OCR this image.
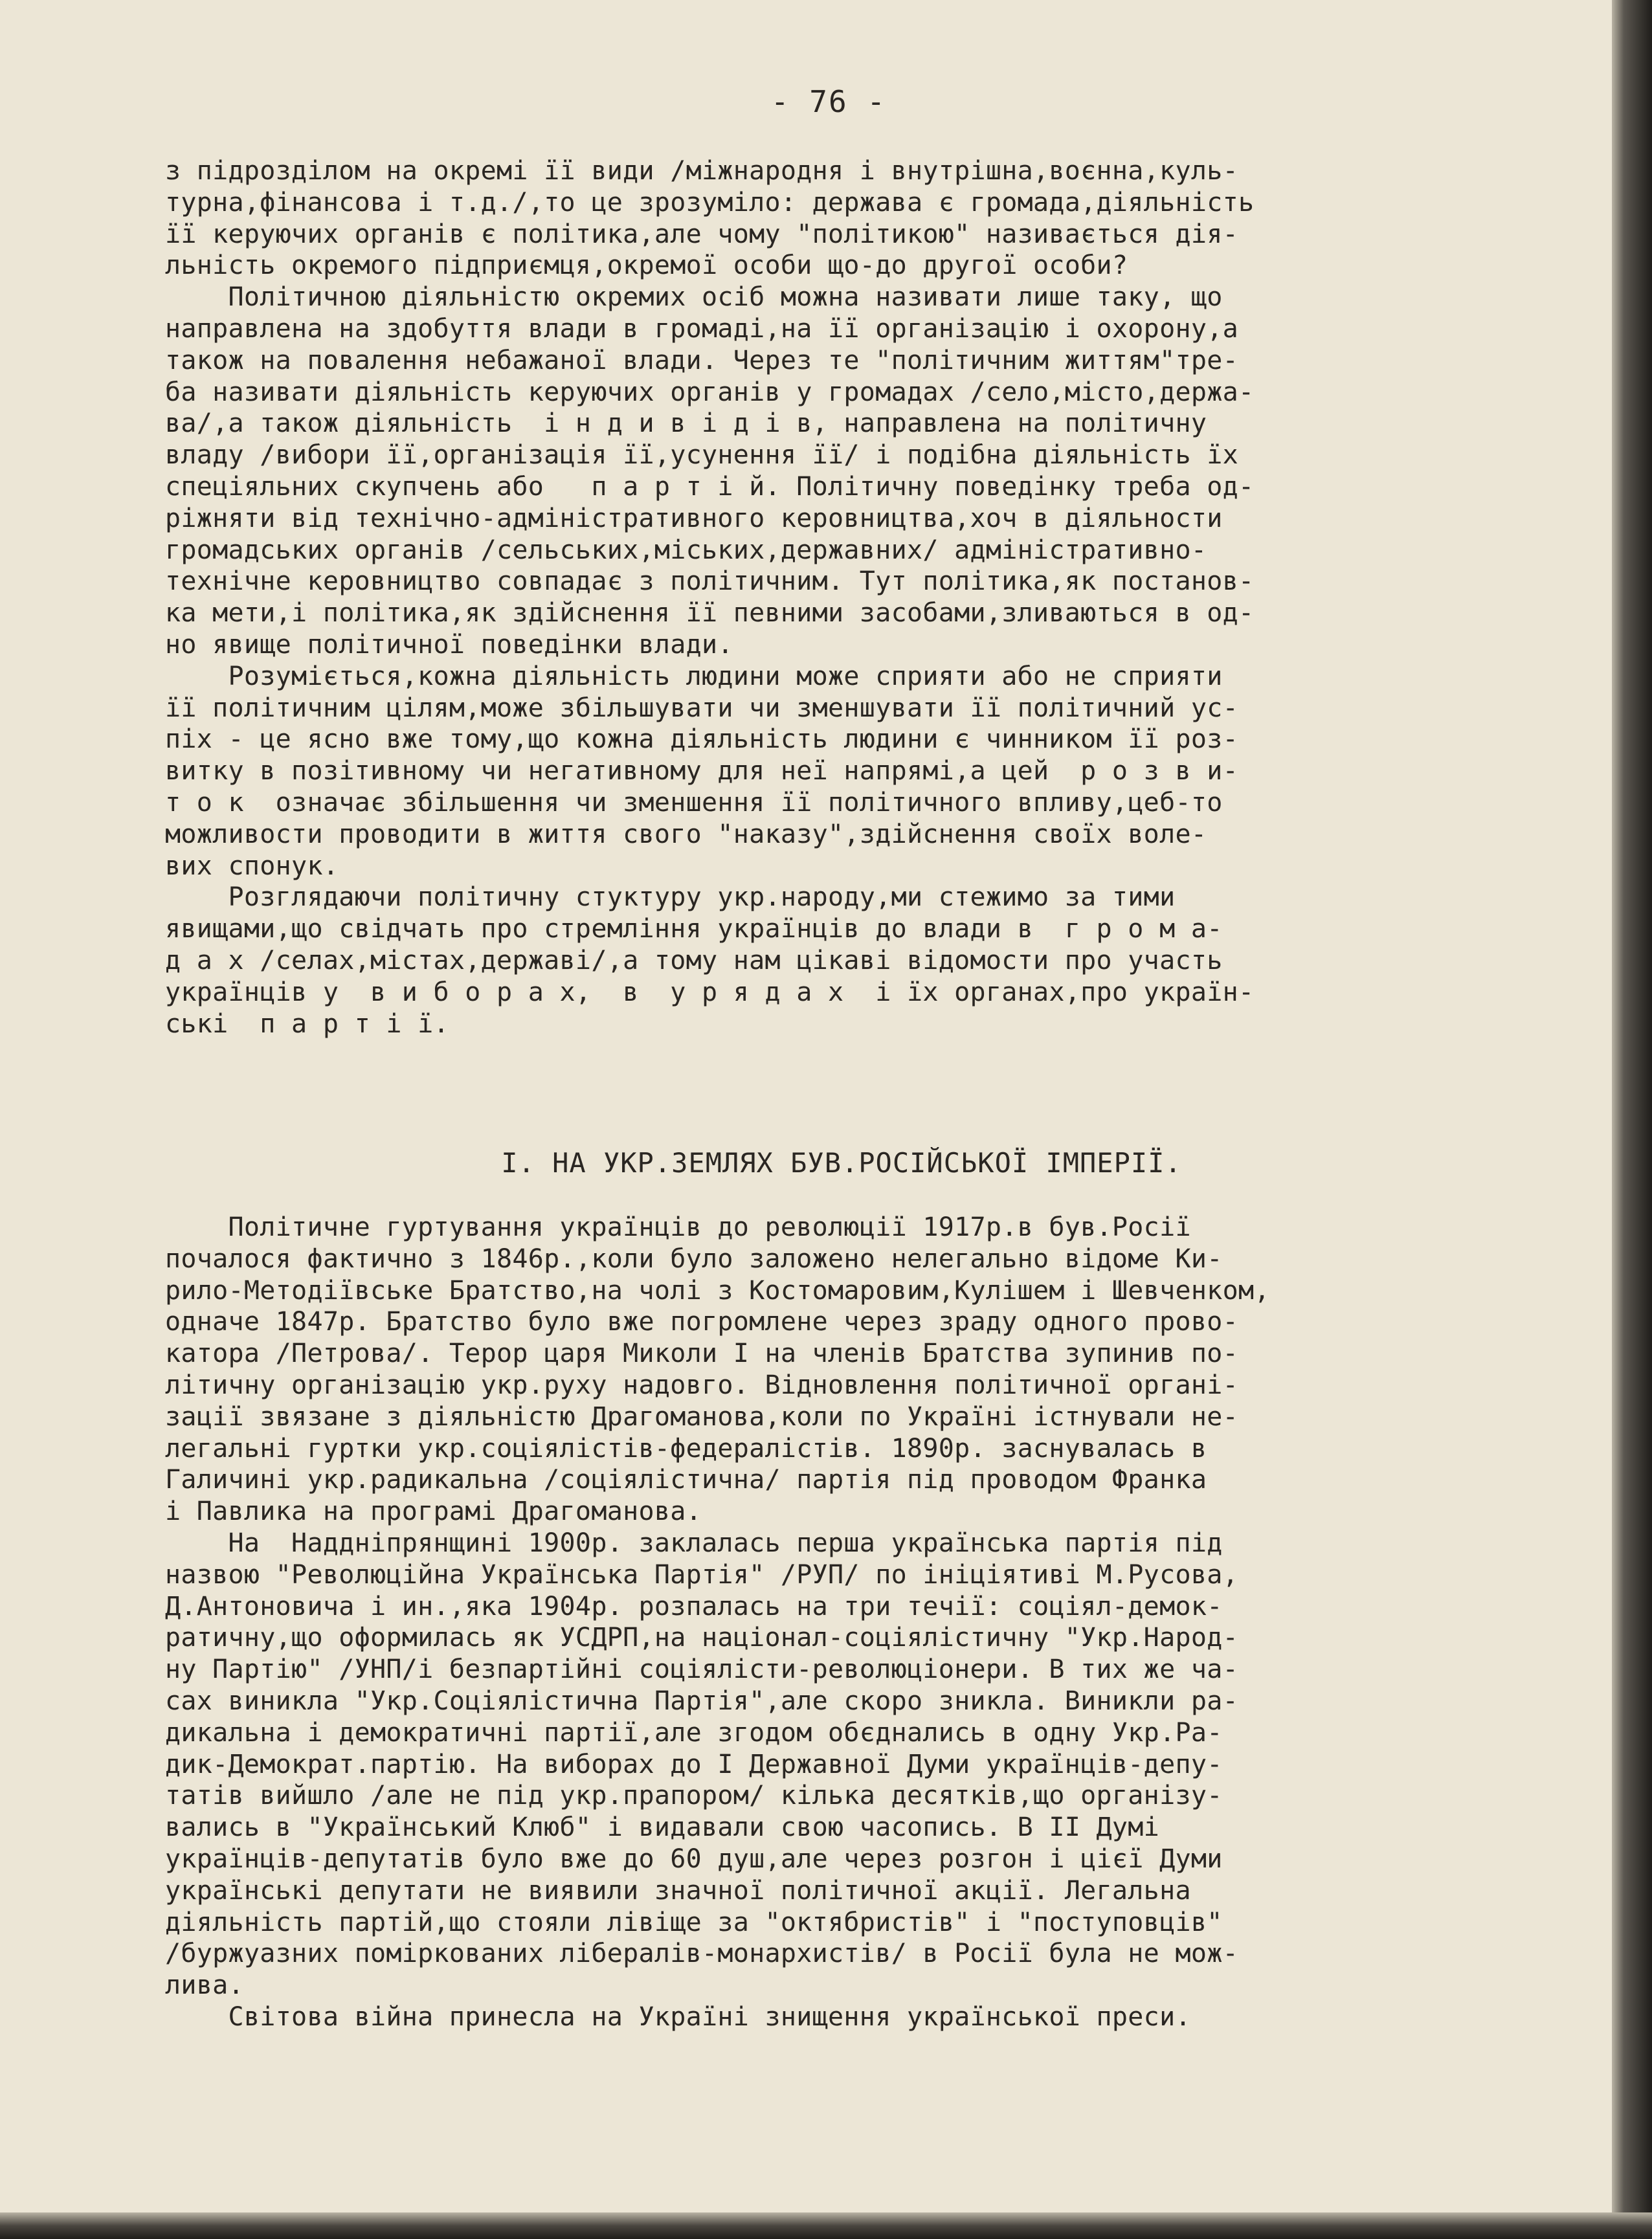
- 76 -
з підрозділом на окремі її види /міжнародня і внутрішна,воєнна,куль-
турна,фінансова і т.д./,то це зрозуміло: держава є громада,діяльність
її керуючих органів є політика,але чому "політикою" називається дія-
льність окремого підприємця,окремої особи що-до другої особи?
Політичною діяльністю окремих осіб можна називати лише таку, що
направлена на здобуття влади в громаді,на її організацію і охорону,а
також на повалення небажаної влади. Через те "політичним життям"тре-
ба називати діяльність керуючих органів у громадах /село,місто,держа-
ва/,а також діяльність  і н д и в і д і в, направлена на політичну
владу /вибори її,організація її,усунення її/ і подібна діяльність їх
спеціяльних скупчень або   п а р т і й. Політичну поведінку треба од-
ріжняти від технічно-адміністративного керовництва,хоч в діяльности
громадських органів /сельських,міських,державних/ адміністративно-
технічне керовництво совпадає з політичним. Тут політика,як постанов-
ка мети,і політика,як здійснення її певними засобами,зливаються в од-
но явище політичної поведінки влади.
Розуміється,кожна діяльність людини може сприяти або не сприяти
її політичним цілям,може збільшувати чи зменшувати її політичний ус-
піх - це ясно вже тому,що кожна діяльність людини є чинником її роз-
витку в позітивному чи негативному для неї напрямі,а цей  р о з в и-
т о к  означає збільшення чи зменшення її політичного впливу,цеб-то
можливости проводити в життя свого "наказу",здійснення своїх воле-
вих спонук.
Розглядаючи політичну стуктуру укр.народу,ми стежимо за тими
явищами,що свідчать про стремління українців до влади в  г р о м а-
д а х /селах,містах,державі/,а тому нам цікаві відомости про участь
українців у  в и б о р а х,  в  у р я д а х  і їх органах,про україн-
ські  п а р т і ї.
І. НА УКР.ЗЕМЛЯХ БУВ.РОСІЙСЬКОЇ ІМПЕРІЇ.
Політичне гуртування українців до революції 1917р.в був.Росії
почалося фактично з 1846р.,коли було заложено нелегально відоме Ки-
рило-Методіївське Братство,на чолі з Костомаровим,Кулішем і Шевченком,
одначе 1847р. Братство було вже погромлене через зраду одного прово-
катора /Петрова/. Терор царя Миколи І на членів Братства зупинив по-
літичну організацію укр.руху надовго. Відновлення політичної органі-
зації звязане з діяльністю Драгоманова,коли по Україні істнували не-
легальні гуртки укр.соціялістів-федералістів. 1890р. заснувалась в
Галичині укр.радикальна /соціялістична/ партія під проводом Франка
і Павлика на програмі Драгоманова.
На  Наддніпрянщині 1900р. заклалась перша українська партія під
назвою "Революційна Українська Партія" /РУП/ по ініціятиві М.Русова,
Д.Антоновича і ин.,яка 1904р. розпалась на три течії: соціял-демок-
ратичну,що оформилась як УСДРП,на націонал-соціялістичну "Укр.Народ-
ну Партію" /УНП/і безпартійні соціялісти-революціонери. В тих же ча-
сах виникла "Укр.Соціялістична Партія",але скоро зникла. Виникли ра-
дикальна і демократичні партії,але згодом обєднались в одну Укр.Ра-
дик-Демократ.партію. На виборах до І Державної Думи українців-депу-
татів вийшло /але не під укр.прапором/ кілька десятків,що організу-
вались в "Український Клюб" і видавали свою часопись. В ІІ Думі
українців-депутатів було вже до 60 душ,але через розгон і цієї Думи
українські депутати не виявили значної політичної акції. Легальна
діяльність партій,що стояли лівіще за "октябристів" і "поступовців"
/буржуазних поміркованих лібералів-монархистів/ в Росії була не мож-
лива.
Світова війна принесла на Україні знищення української преси.
